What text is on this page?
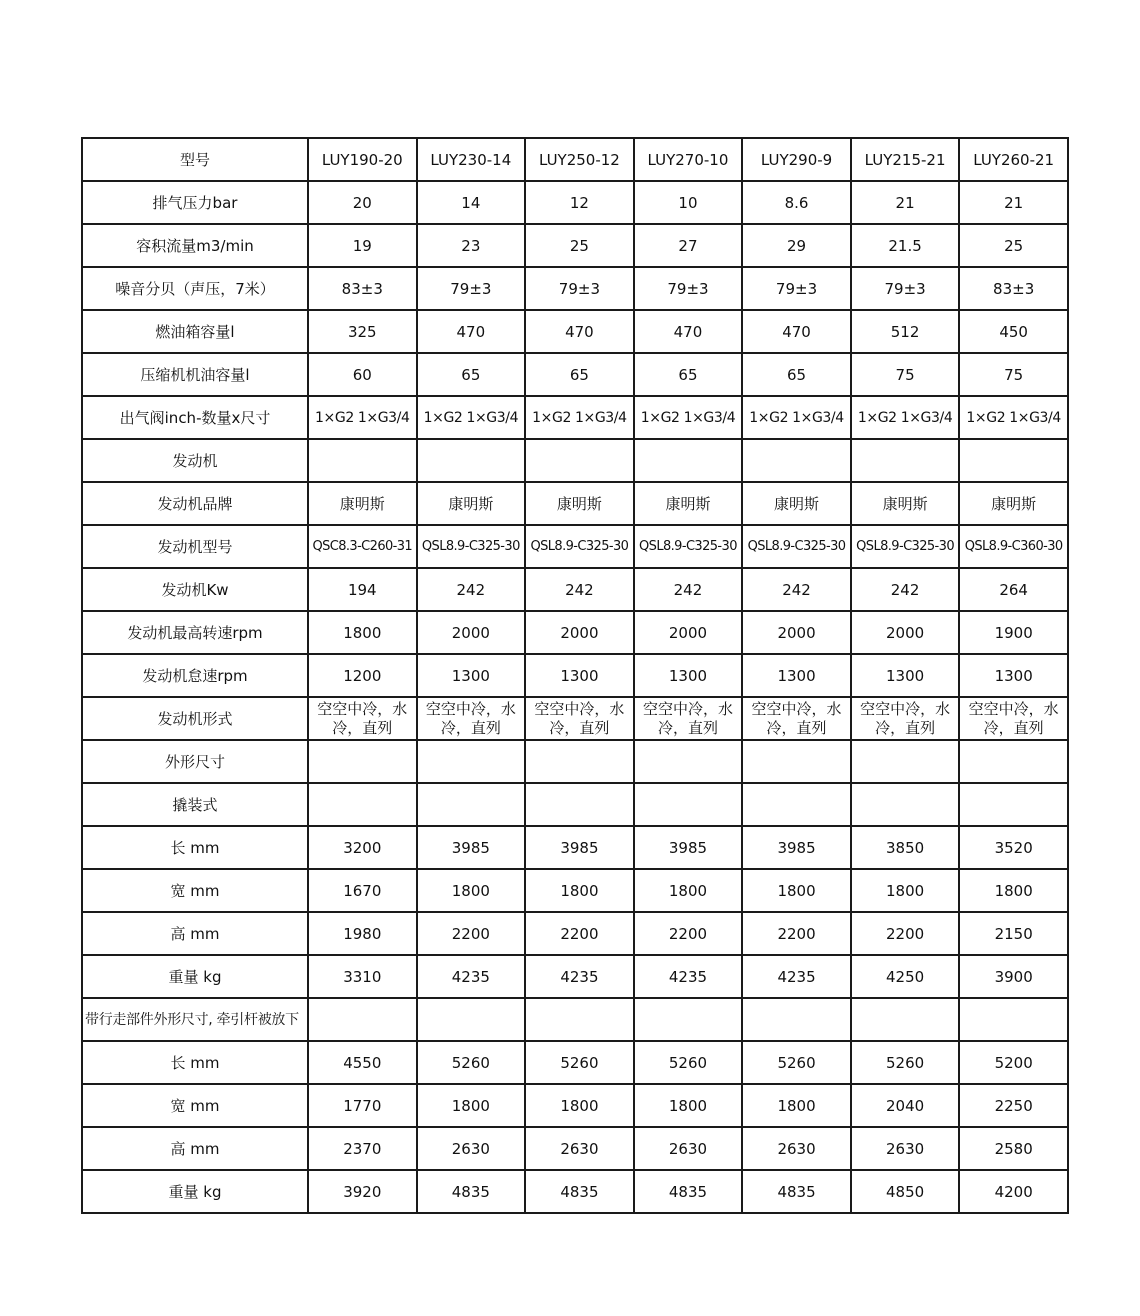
型号	LUY190-20	LUY230-14	LUY250-12	LUY270-10	LUY290-9	LUY215-21	LUY260-21
排气压力bar	20	14	12	10	8.6	21	21
容积流量m3/min	19	23	25	27	29	21.5	25
噪音分贝（声压，7米）	83±3	79±3	79±3	79±3	79±3	79±3	83±3
燃油箱容量l	325	470	470	470	470	512	450
压缩机机油容量l	60	65	65	65	65	75	75
出气阀inch-数量x尺寸	1×G2 1×G3/4	1×G2 1×G3/4	1×G2 1×G3/4	1×G2 1×G3/4	1×G2 1×G3/4	1×G2 1×G3/4	1×G2 1×G3/4
发动机							
发动机品牌	康明斯	康明斯	康明斯	康明斯	康明斯	康明斯	康明斯
发动机型号	QSC8.3-C260-31	QSL8.9-C325-30	QSL8.9-C325-30	QSL8.9-C325-30	QSL8.9-C325-30	QSL8.9-C325-30	QSL8.9-C360-30
发动机Kw	194	242	242	242	242	242	264
发动机最高转速rpm	1800	2000	2000	2000	2000	2000	1900
发动机怠速rpm	1200	1300	1300	1300	1300	1300	1300
发动机形式	空空中冷，水冷，直列	空空中冷，水冷，直列	空空中冷，水冷，直列	空空中冷，水冷，直列	空空中冷，水冷，直列	空空中冷，水冷，直列	空空中冷，水冷，直列
外形尺寸							
撬装式							
长 mm	3200	3985	3985	3985	3985	3850	3520
宽 mm	1670	1800	1800	1800	1800	1800	1800
高 mm	1980	2200	2200	2200	2200	2200	2150
重量 kg	3310	4235	4235	4235	4235	4250	3900
带行走部件外形尺寸, 牵引杆被放下							
长 mm	4550	5260	5260	5260	5260	5260	5200
宽 mm	1770	1800	1800	1800	1800	2040	2250
高 mm	2370	2630	2630	2630	2630	2630	2580
重量 kg	3920	4835	4835	4835	4835	4850	4200
